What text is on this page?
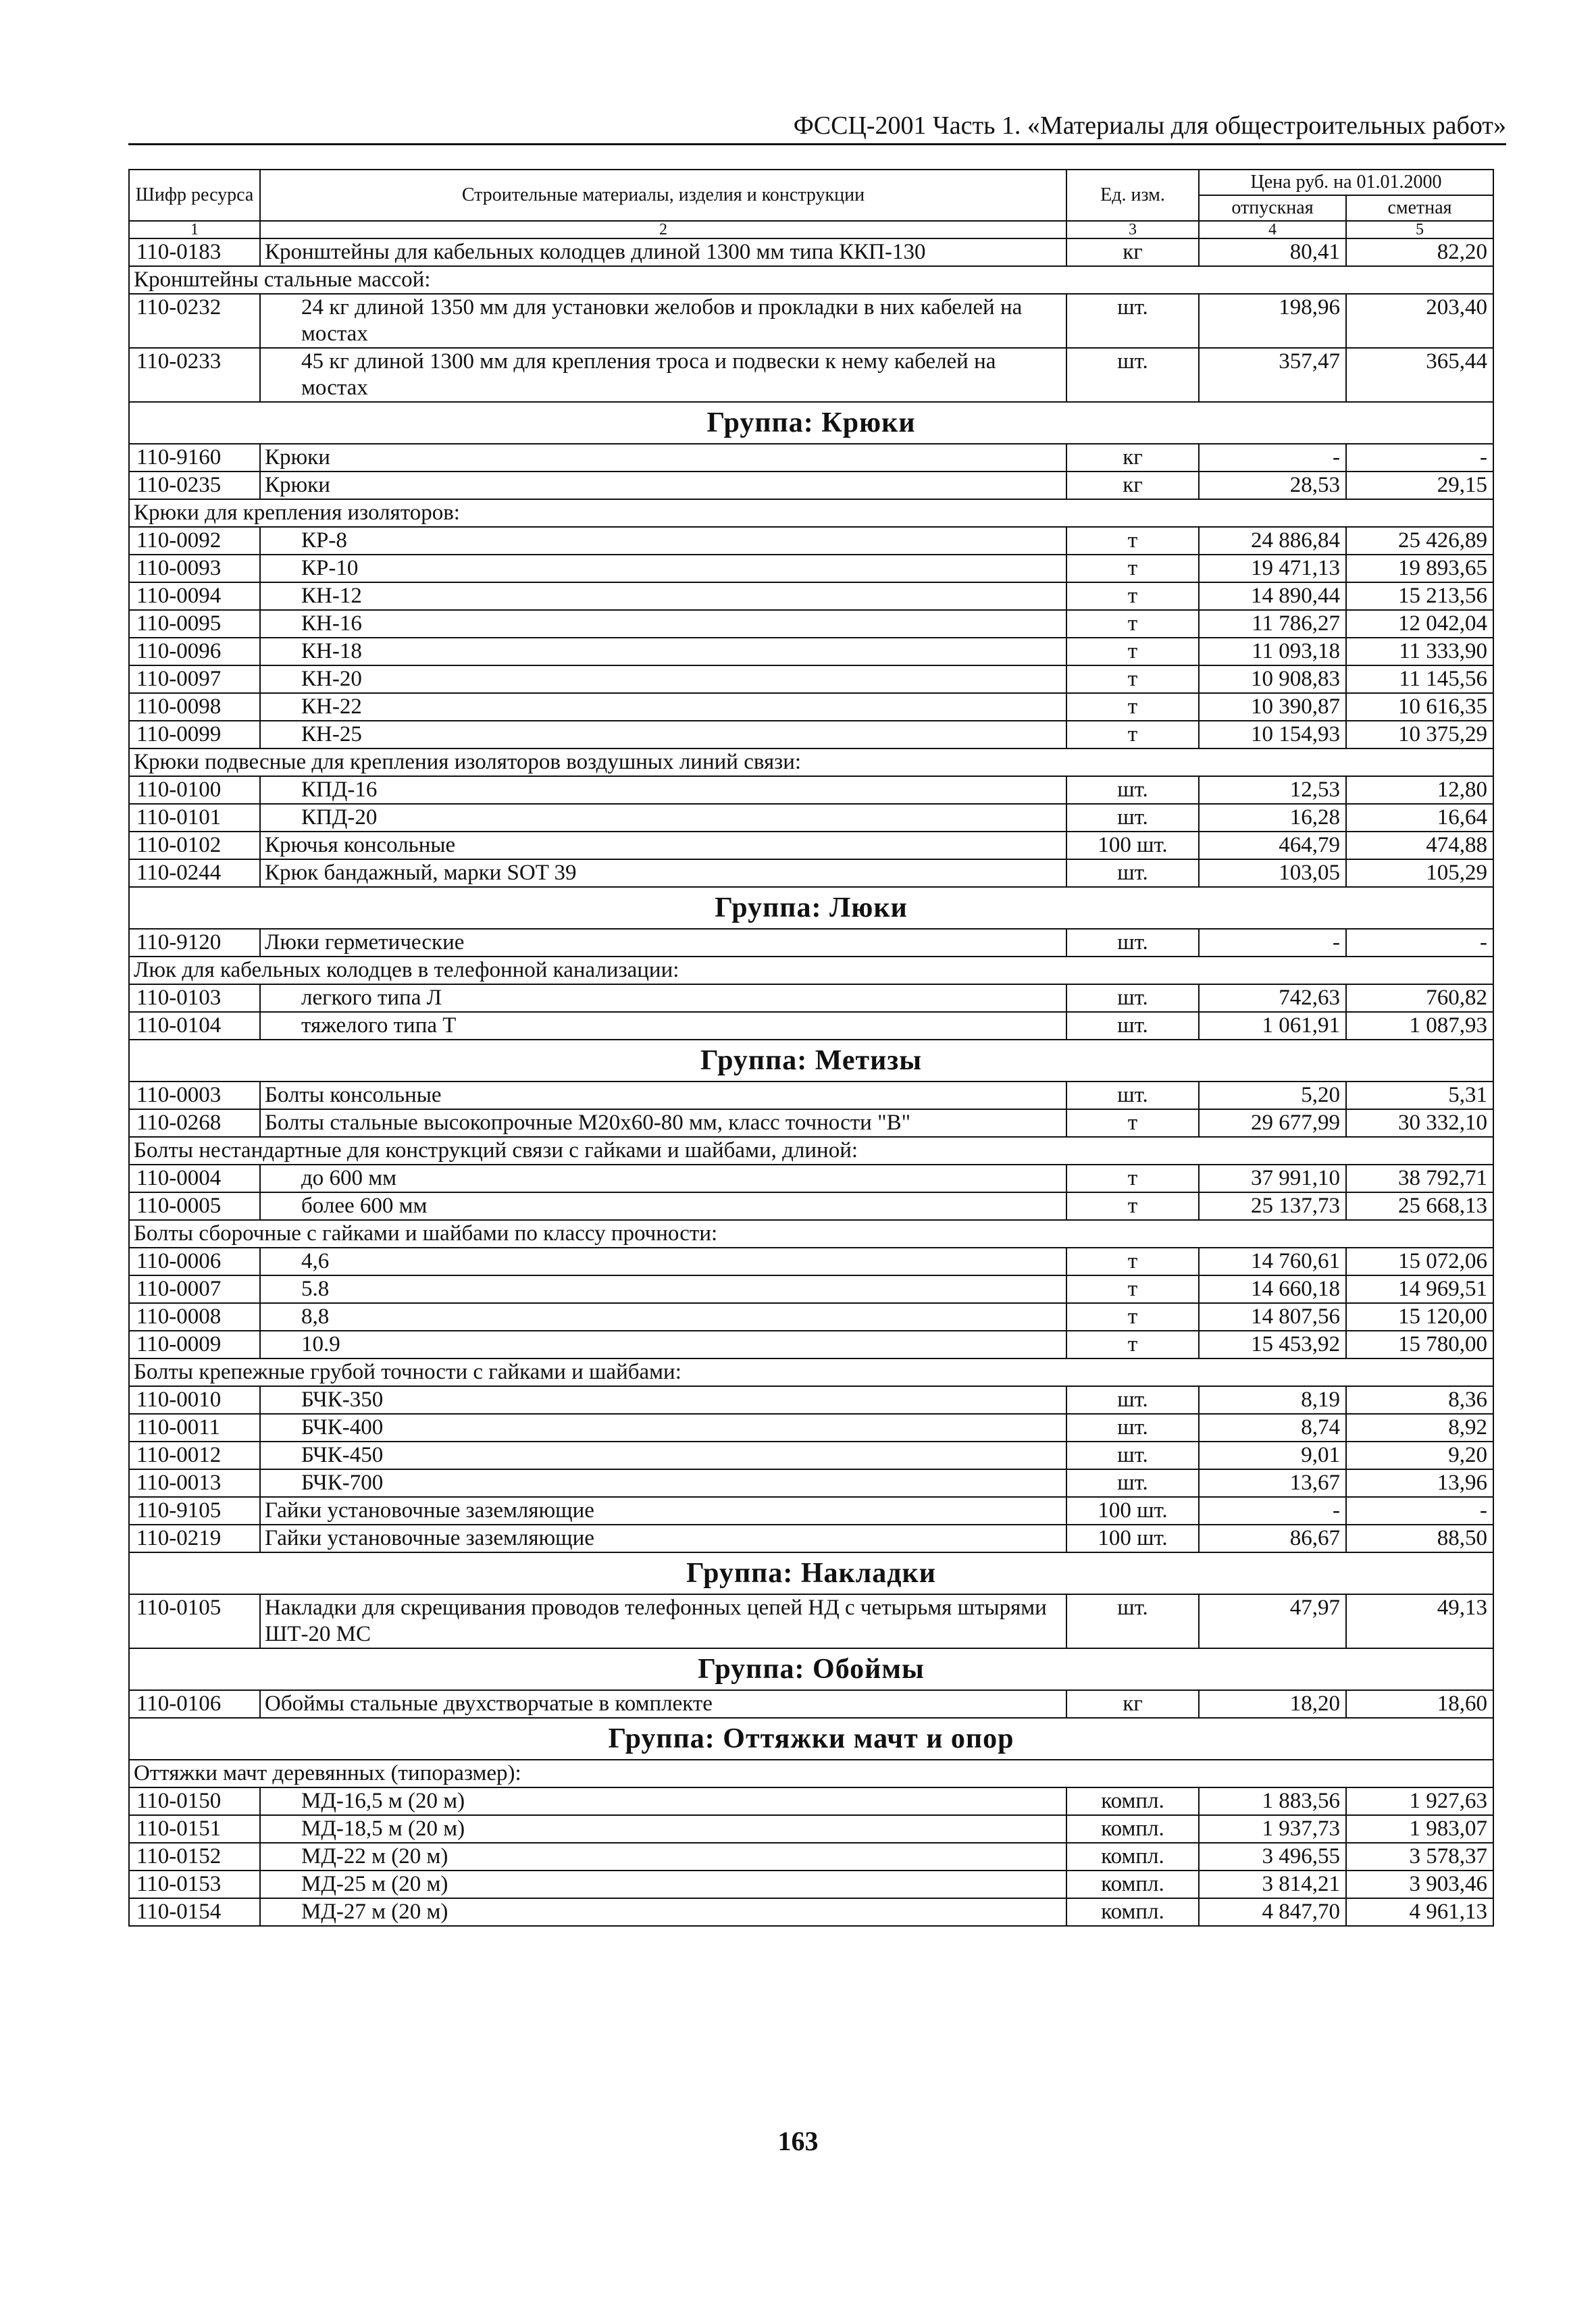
ФССЦ-2001 Часть 1. «Материалы для общестроительных работ»
Шифр ресурса	Строительные материалы, изделия и конструкции	Ед. изм.	Цена руб. на 01.01.2000	
			отпускная	сметная
1	2	3	4	5
110-0183	Кронштейны для кабельных колодцев длиной 1300 мм типа ККП-130	кг	80,41	82,20
Кронштейны стальные массой:				
110-0232	24 кг длиной 1350 мм для установки желобов и прокладки в них кабелей на мостах	шт.	198,96	203,40
110-0233	45 кг длиной 1300 мм для крепления троса и подвески к нему кабелей на мостах	шт.	357,47	365,44
Группа: Крюки				
110-9160	Крюки	кг	-	-
110-0235	Крюки	кг	28,53	29,15
Крюки для крепления изоляторов:				
110-0092	КР-8	т	24 886,84	25 426,89
110-0093	КР-10	т	19 471,13	19 893,65
110-0094	КН-12	т	14 890,44	15 213,56
110-0095	КН-16	т	11 786,27	12 042,04
110-0096	КН-18	т	11 093,18	11 333,90
110-0097	КН-20	т	10 908,83	11 145,56
110-0098	КН-22	т	10 390,87	10 616,35
110-0099	КН-25	т	10 154,93	10 375,29
Крюки подвесные для крепления изоляторов воздушных линий связи:				
110-0100	КПД-16	шт.	12,53	12,80
110-0101	КПД-20	шт.	16,28	16,64
110-0102	Крючья консольные	100 шт.	464,79	474,88
110-0244	Крюк бандажный, марки SOT 39	шт.	103,05	105,29
Группа: Люки				
110-9120	Люки герметические	шт.	-	-
Люк для кабельных колодцев в телефонной канализации:				
110-0103	легкого типа Л	шт.	742,63	760,82
110-0104	тяжелого типа Т	шт.	1 061,91	1 087,93
Группа: Метизы				
110-0003	Болты консольные	шт.	5,20	5,31
110-0268	Болты стальные высокопрочные М20х60-80 мм, класс точности "В"	т	29 677,99	30 332,10
Болты нестандартные для конструкций связи с гайками и шайбами, длиной:				
110-0004	до 600 мм	т	37 991,10	38 792,71
110-0005	более 600 мм	т	25 137,73	25 668,13
Болты сборочные с гайками и шайбами по классу прочности:				
110-0006	4,6	т	14 760,61	15 072,06
110-0007	5.8	т	14 660,18	14 969,51
110-0008	8,8	т	14 807,56	15 120,00
110-0009	10.9	т	15 453,92	15 780,00
Болты крепежные грубой точности с гайками и шайбами:				
110-0010	БЧК-350	шт.	8,19	8,36
110-0011	БЧК-400	шт.	8,74	8,92
110-0012	БЧК-450	шт.	9,01	9,20
110-0013	БЧК-700	шт.	13,67	13,96
110-9105	Гайки установочные заземляющие	100 шт.	-	-
110-0219	Гайки установочные заземляющие	100 шт.	86,67	88,50
Группа: Накладки				
110-0105	Накладки для скрещивания проводов телефонных цепей НД с четырьмя штырями ШТ-20 МС	шт.	47,97	49,13
Группа: Обоймы				
110-0106	Обоймы стальные двухстворчатые в комплекте	кг	18,20	18,60
Группа: Оттяжки мачт и опор				
Оттяжки мачт деревянных (типоразмер):				
110-0150	МД-16,5 м (20 м)	компл.	1 883,56	1 927,63
110-0151	МД-18,5 м (20 м)	компл.	1 937,73	1 983,07
110-0152	МД-22 м (20 м)	компл.	3 496,55	3 578,37
110-0153	МД-25 м (20 м)	компл.	3 814,21	3 903,46
110-0154	МД-27 м (20 м)	компл.	4 847,70	4 961,13
163
